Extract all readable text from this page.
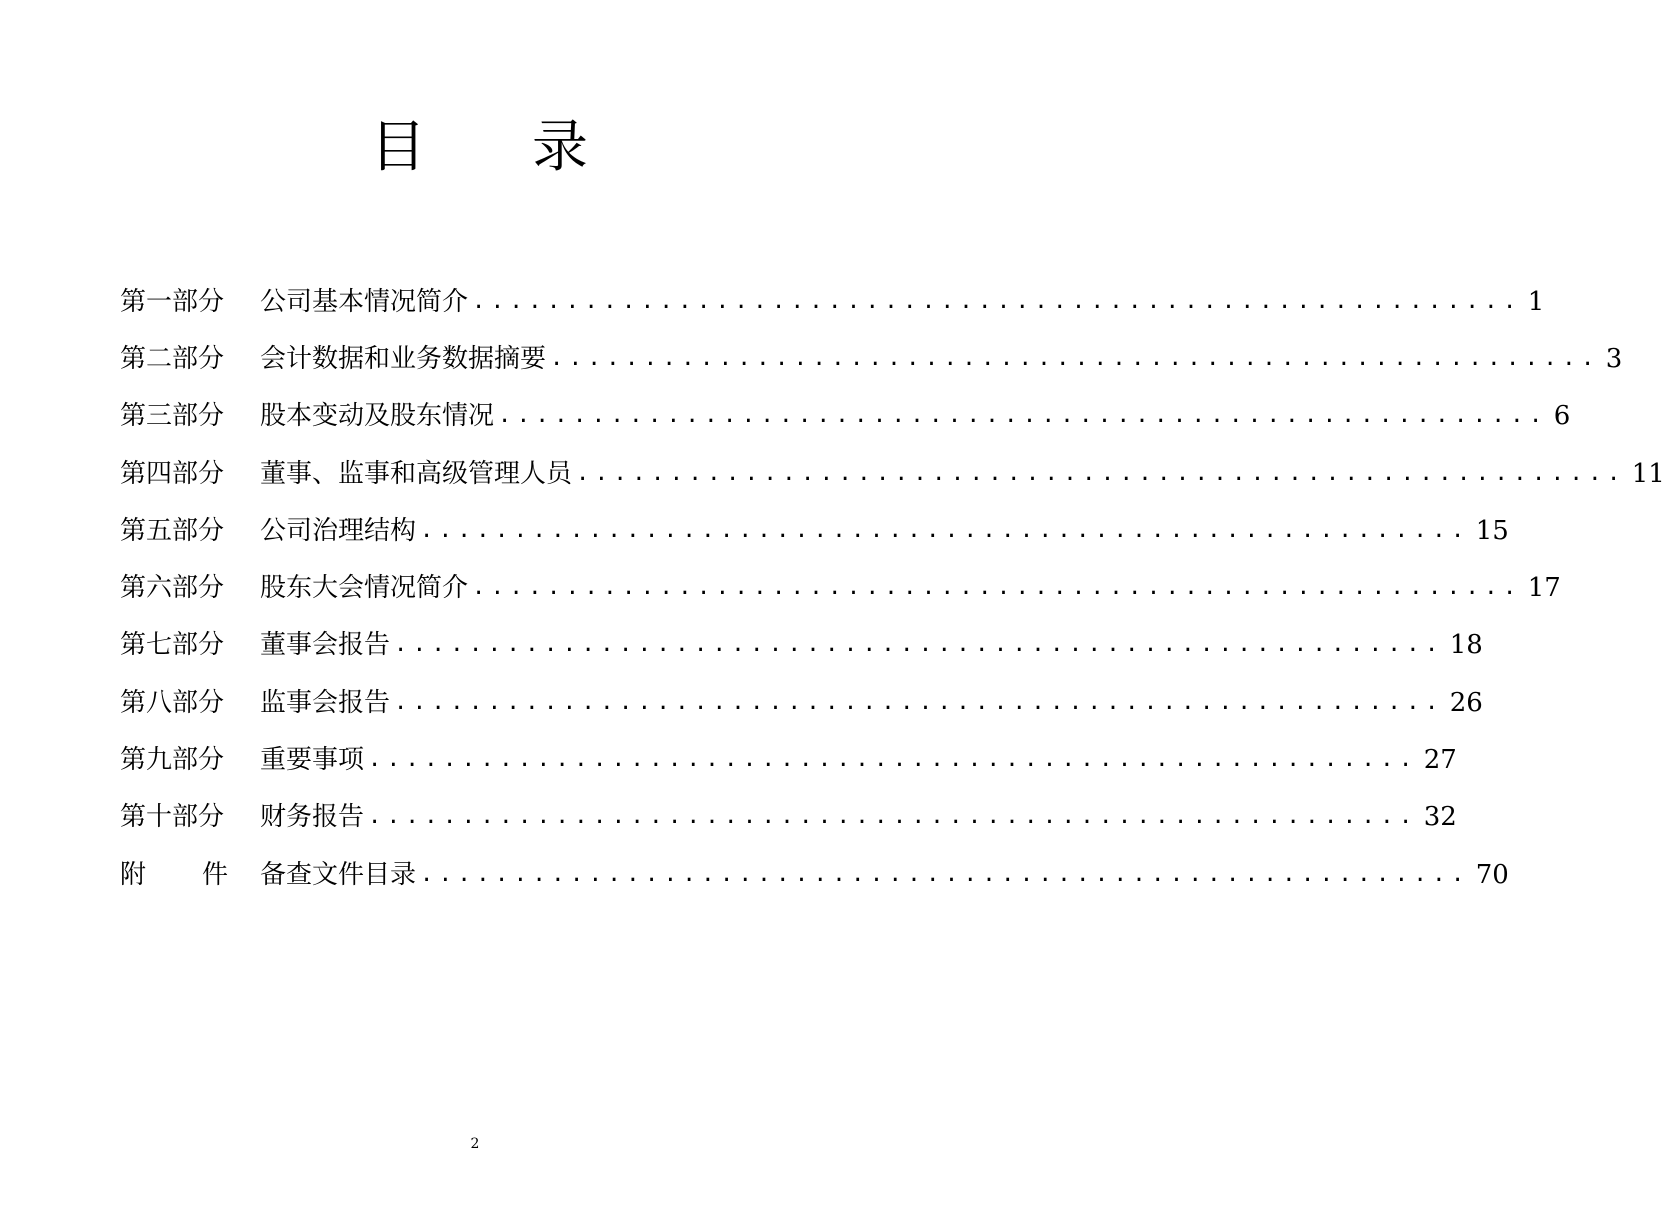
目 录
第一部分	公司基本情况简介 ........................................................ 1
第二部分	会计数据和业务数据摘要 ........................................................ 3
第三部分	股本变动及股东情况 ........................................................ 6
第四部分	董事、监事和高级管理人员 ........................................................ 11
第五部分	公司治理结构 ........................................................ 15
第六部分	股东大会情况简介 ........................................................ 17
第七部分	董事会报告 ........................................................ 18
第八部分	监事会报告 ........................................................ 26
第九部分	重要事项 ........................................................ 27
第十部分	财务报告 ........................................................ 32
附 件 备查文件目录 ........................................................ 70
2
